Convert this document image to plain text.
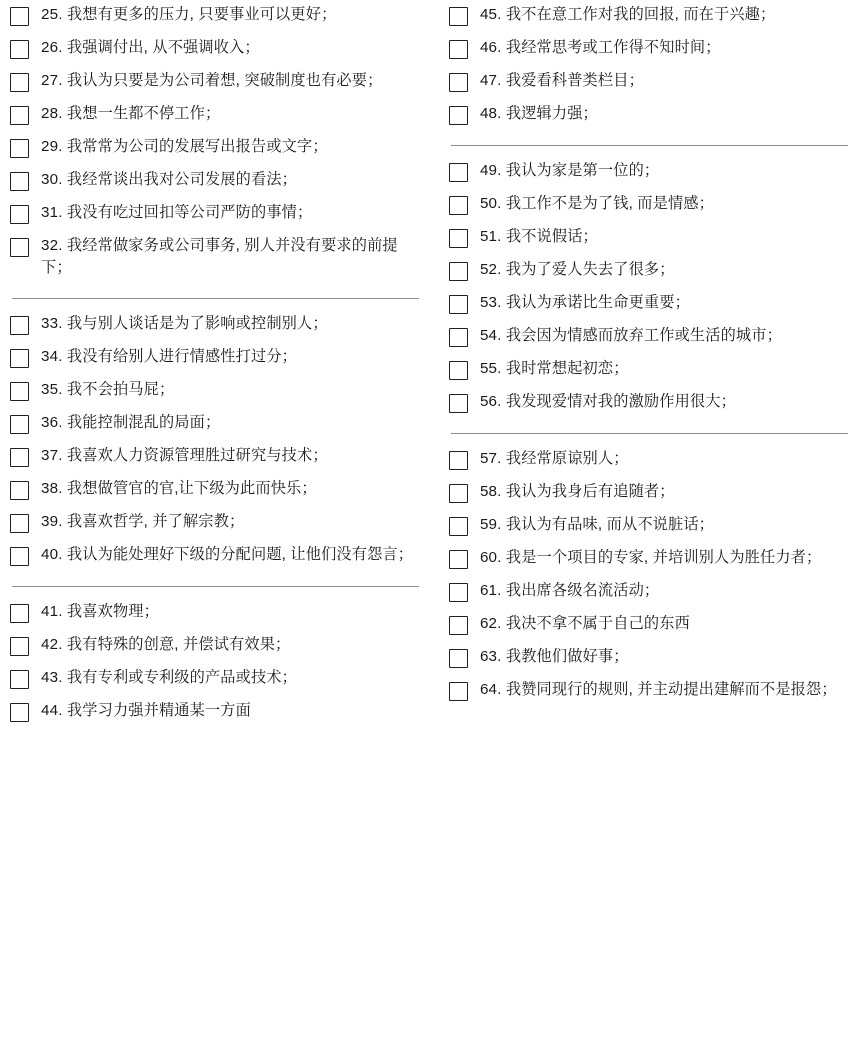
25. 我想有更多的压力, 只要事业可以更好；
26. 我强调付出, 从不强调收入；
27. 我认为只要是为公司着想, 突破制度也有必要；
28. 我想一生都不停工作；
29. 我常常为公司的发展写出报告或文字；
30. 我经常谈出我对公司发展的看法；
31. 我没有吃过回扣等公司严防的事情；
32. 我经常做家务或公司事务, 别人并没有要求的前提下；
33. 我与别人谈话是为了影响或控制别人；
34. 我没有给别人进行情感性打过分；
35. 我不会拍马屁；
36. 我能控制混乱的局面；
37. 我喜欢人力资源管理胜过研究与技术；
38. 我想做管官的官,让下级为此而快乐；
39. 我喜欢哲学, 并了解宗教；
40. 我认为能处理好下级的分配问题, 让他们没有怨言；
41. 我喜欢物理；
42. 我有特殊的创意, 并偿试有效果；
43. 我有专利或专利级的产品或技术；
44. 我学习力强并精通某一方面
45. 我不在意工作对我的回报, 而在于兴趣；
46. 我经常思考或工作得不知时间；
47. 我爱看科普类栏目；
48. 我逻辑力强；
49. 我认为家是第一位的；
50. 我工作不是为了钱, 而是情感；
51. 我不说假话；
52. 我为了爱人失去了很多；
53. 我认为承诺比生命更重要；
54. 我会因为情感而放弃工作或生活的城市；
55. 我时常想起初恋；
56. 我发现爱情对我的激励作用很大；
57. 我经常原谅别人；
58. 我认为我身后有追随者；
59. 我认为有品味, 而从不说脏话；
60. 我是一个项目的专家, 并培训别人为胜任力者；
61. 我出席各级名流活动；
62. 我决不拿不属于自己的东西
63. 我教他们做好事；
64. 我赞同现行的规则, 并主动提出建解而不是报怨；
